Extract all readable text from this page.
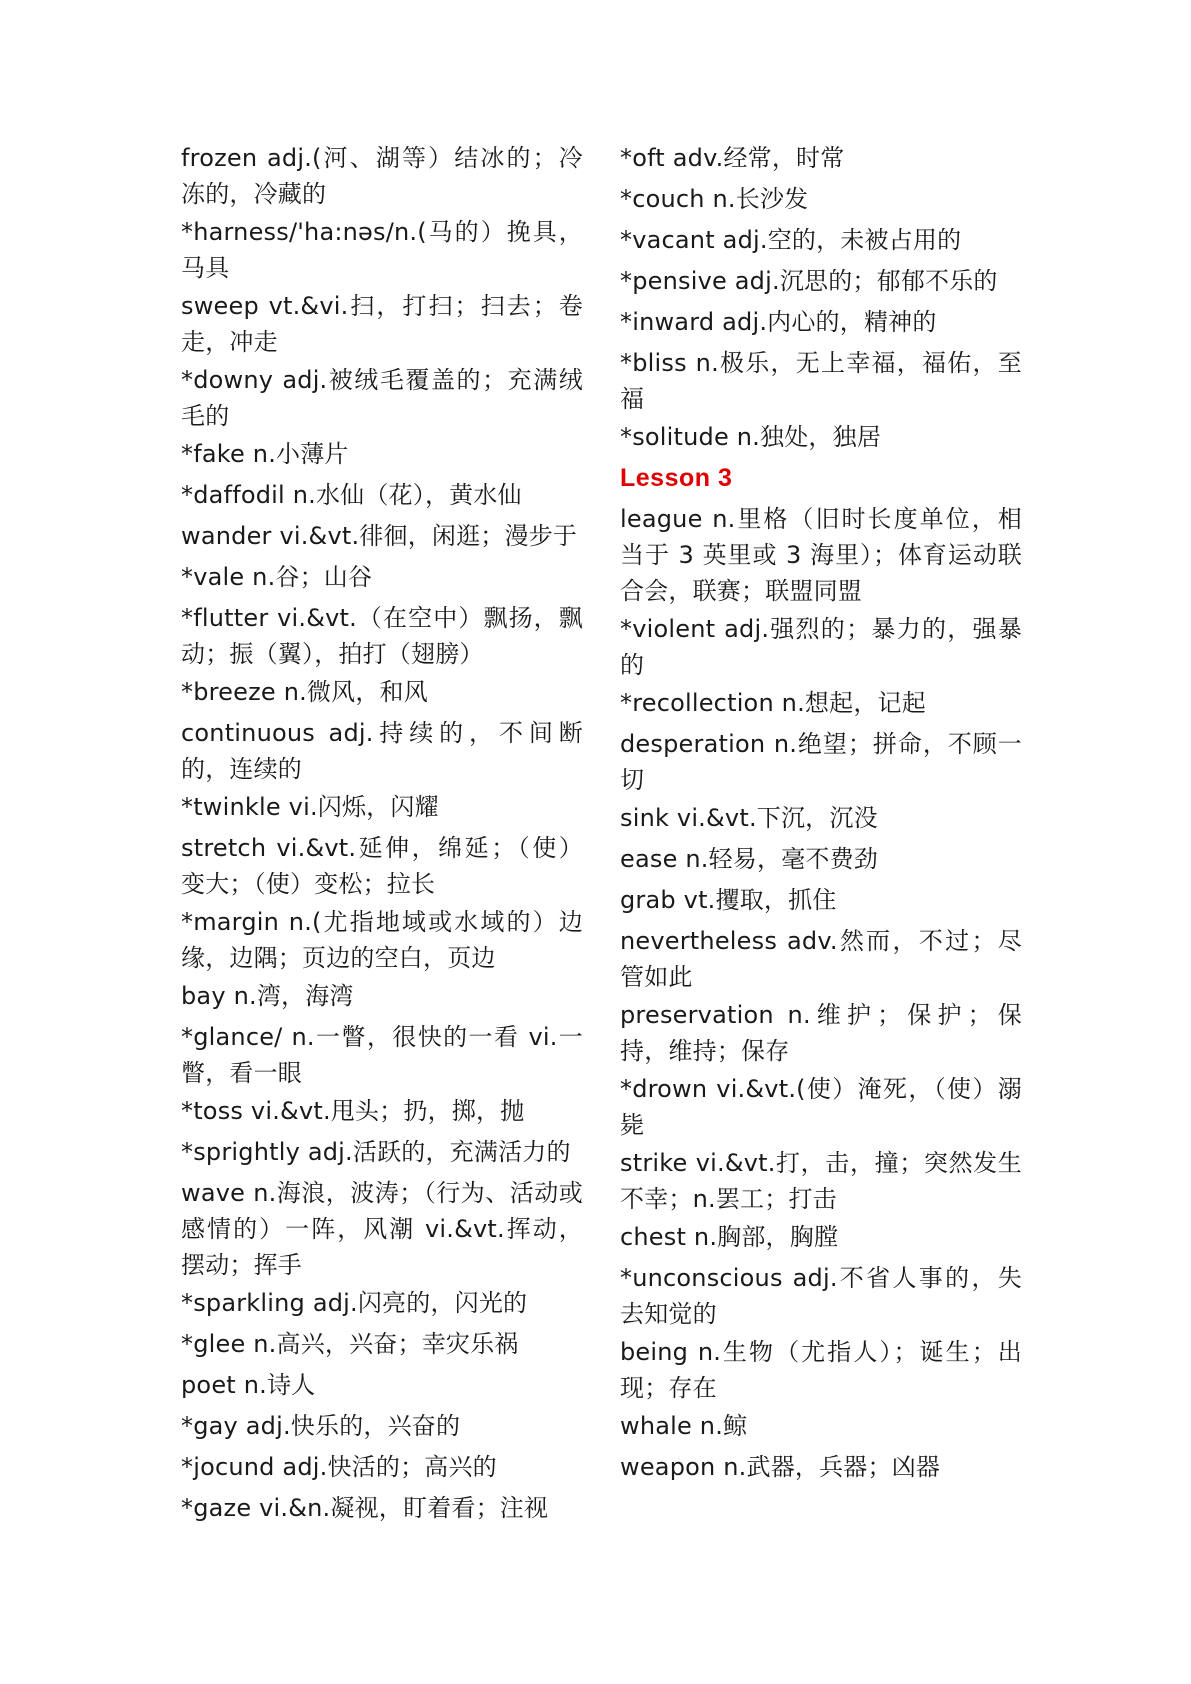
frozen adj.(河、湖等）结冰的；冷冻的，冷藏的
*harness/'ha:nəs/n.(马的）挽具，马具
sweep vt.&vi.扫，打扫；扫去；卷走，冲走
*downy adj.被绒毛覆盖的；充满绒毛的
*fake n.小薄片
*daffodil n.水仙（花），黄水仙
wander vi.&vt.徘徊，闲逛；漫步于
*vale n.谷；山谷
*flutter vi.&vt.（在空中）飘扬，飘动；振（翼），拍打（翅膀）
*breeze n.微风，和风
continuous adj.持续的，不间断的，连续的
*twinkle vi.闪烁，闪耀
stretch vi.&vt.延伸，绵延；（使）变大；（使）变松；拉长
*margin n.(尤指地域或水域的）边缘，边隅；页边的空白，页边
bay n.湾，海湾
*glance/ n.一瞥，很快的一看 vi.一瞥，看一眼
*toss vi.&vt.甩头；扔，掷，抛
*sprightly adj.活跃的，充满活力的
wave n.海浪，波涛；（行为、活动或感情的）一阵，风潮 vi.&vt.挥动，摆动；挥手
*sparkling adj.闪亮的，闪光的
*glee n.高兴，兴奋；幸灾乐祸
poet n.诗人
*gay adj.快乐的，兴奋的
*jocund adj.快活的；高兴的
*gaze vi.&n.凝视，盯着看；注视
*oft adv.经常，时常
*couch n.长沙发
*vacant adj.空的，未被占用的
*pensive adj.沉思的；郁郁不乐的
*inward adj.内心的，精神的
*bliss n.极乐，无上幸福，福佑，至福
*solitude n.独处，独居
Lesson 3
league n.里格（旧时长度单位，相当于 3 英里或 3 海里）；体育运动联合会，联赛；联盟同盟
*violent adj.强烈的；暴力的，强暴的
*recollection n.想起，记起
desperation n.绝望；拼命，不顾一切
sink vi.&vt.下沉，沉没
ease n.轻易，毫不费劲
grab vt.攫取，抓住
nevertheless adv.然而，不过；尽管如此
preservation n.维护；保护；保持，维持；保存
*drown vi.&vt.(使）淹死，（使）溺毙
strike vi.&vt.打，击，撞；突然发生不幸；n.罢工；打击
chest n.胸部，胸膛
*unconscious adj.不省人事的，失去知觉的
being n.生物（尤指人）；诞生；出现；存在
whale n.鲸
weapon n.武器，兵器；凶器
